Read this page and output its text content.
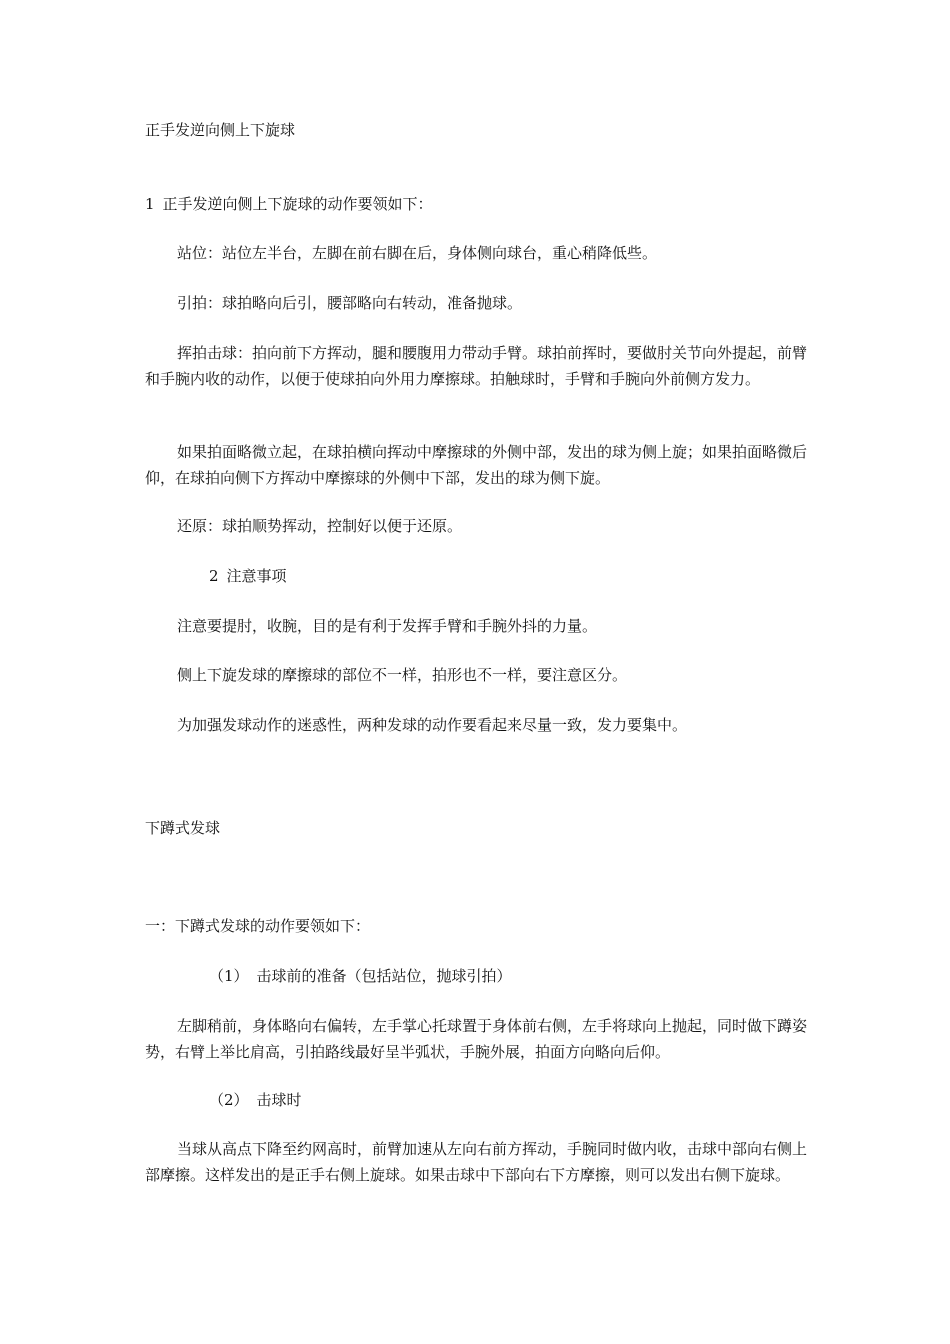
正手发逆向侧上下旋球

1 正手发逆向侧上下旋球的动作要领如下：

站位：站位左半台，左脚在前右脚在后，身体侧向球台，重心稍降低些。

引拍：球拍略向后引，腰部略向右转动，准备抛球。

挥拍击球：拍向前下方挥动，腿和腰腹用力带动手臂。球拍前挥时，要做肘关节向外提起，前臂和手腕内收的动作，以便于使球拍向外用力摩擦球。拍触球时，手臂和手腕向外前侧方发力。

如果拍面略微立起，在球拍横向挥动中摩擦球的外侧中部，发出的球为侧上旋；如果拍面略微后仰，在球拍向侧下方挥动中摩擦球的外侧中下部，发出的球为侧下旋。

还原：球拍顺势挥动，控制好以便于还原。

2 注意事项

注意要提肘，收腕，目的是有利于发挥手臂和手腕外抖的力量。

侧上下旋发球的摩擦球的部位不一样，拍形也不一样，要注意区分。

为加强发球动作的迷惑性，两种发球的动作要看起来尽量一致，发力要集中。

下蹲式发球

一：下蹲式发球的动作要领如下：

（1） 击球前的准备（包括站位，抛球引拍）

左脚稍前，身体略向右偏转，左手掌心托球置于身体前右侧，左手将球向上抛起，同时做下蹲姿势，右臂上举比肩高，引拍路线最好呈半弧状，手腕外展，拍面方向略向后仰。

（2） 击球时

当球从高点下降至约网高时，前臂加速从左向右前方挥动，手腕同时做内收，击球中部向右侧上部摩擦。这样发出的是正手右侧上旋球。如果击球中下部向右下方摩擦，则可以发出右侧下旋球。
